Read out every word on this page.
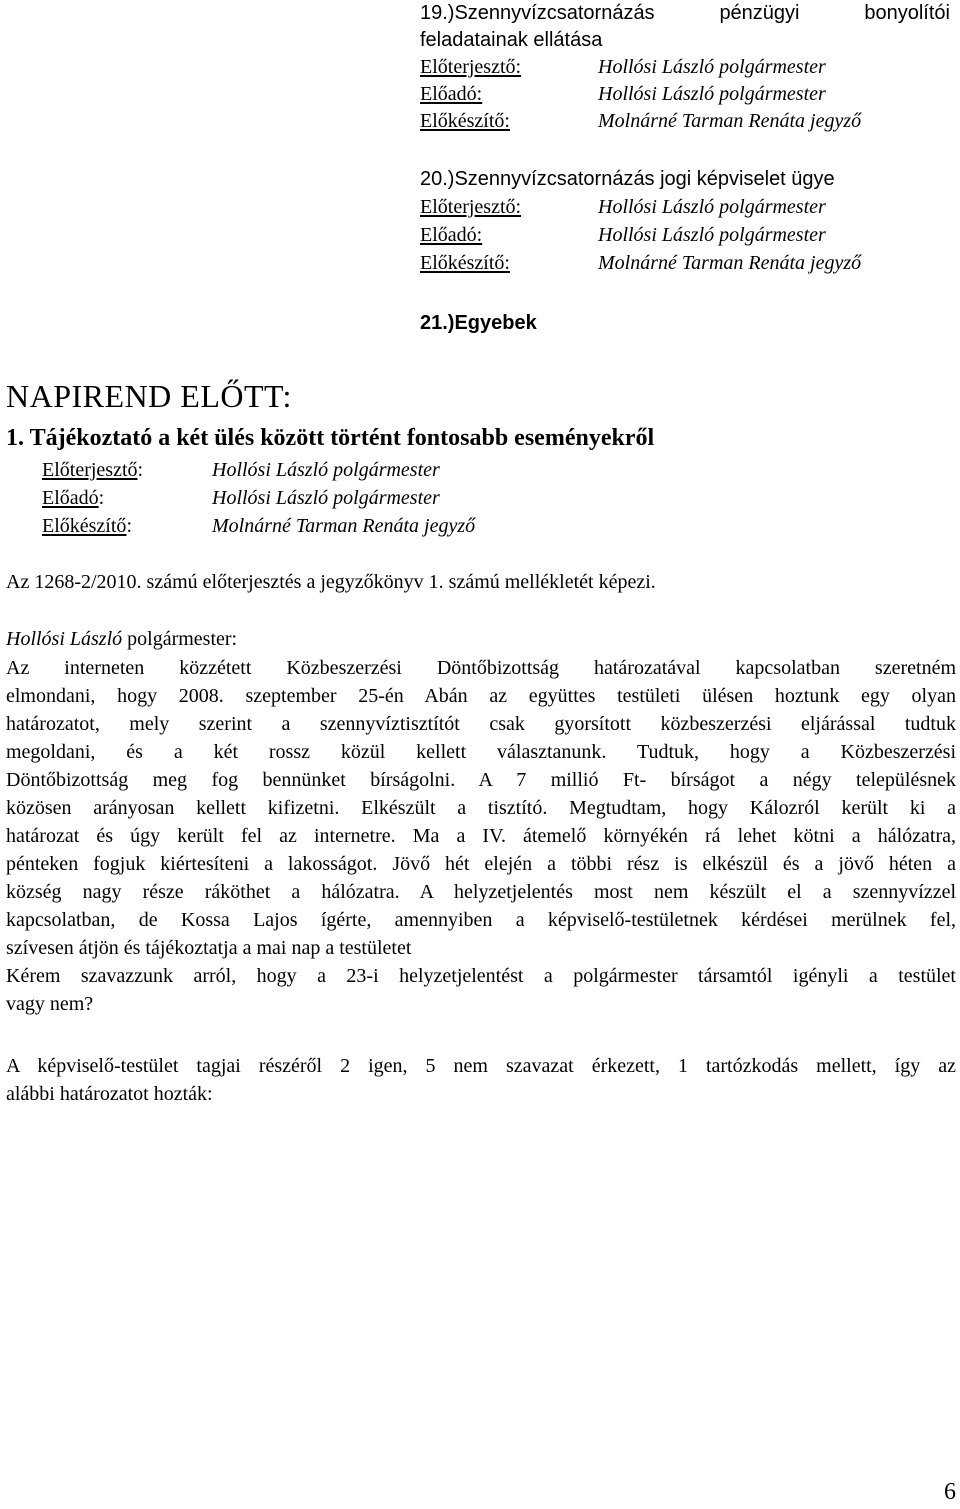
19.)Szennyvízcsatornázás pénzügyi bonyolítói
feladatainak ellátása
Előterjesztő:	Hollósi László polgármester
Előadó:	Hollósi László polgármester
Előkészítő:	Molnárné Tarman Renáta jegyző
20.)Szennyvízcsatornázás jogi képviselet ügye
Előterjesztő:	Hollósi László polgármester
Előadó:	Hollósi László polgármester
Előkészítő:	Molnárné Tarman Renáta jegyző
21.)Egyebek
NAPIREND ELŐTT:
1. Tájékoztató a két ülés között történt fontosabb eseményekről
Előterjesztő:	Hollósi László polgármester
Előadó:	Hollósi László polgármester
Előkészítő:	Molnárné Tarman Renáta jegyző
Az 1268-2/2010. számú előterjesztés a jegyzőkönyv 1. számú mellékletét képezi.
Hollósi László polgármester:
Az interneten közzétett Közbeszerzési Döntőbizottság határozatával kapcsolatban szeretném
elmondani, hogy 2008. szeptember 25-én Abán az együttes testületi ülésen hoztunk egy olyan
határozatot, mely szerint a szennyvíztisztítót csak gyorsított közbeszerzési eljárással tudtuk
megoldani, és a két rossz közül kellett választanunk. Tudtuk, hogy a Közbeszerzési
Döntőbizottság meg fog bennünket bírságolni. A 7 millió Ft- bírságot a négy településnek
közösen arányosan kellett kifizetni. Elkészült a tisztító. Megtudtam, hogy Kálozról került ki a
határozat és úgy került fel az internetre. Ma a IV. átemelő környékén rá lehet kötni a hálózatra,
pénteken fogjuk kiértesíteni a lakosságot. Jövő hét elején a többi rész is elkészül és a jövő héten a
község nagy része ráköthet a hálózatra. A helyzetjelentés most nem készült el a szennyvízzel
kapcsolatban, de Kossa Lajos ígérte, amennyiben a képviselő-testületnek kérdései merülnek fel,
szívesen átjön és tájékoztatja a mai nap a testületet
Kérem szavazzunk arról, hogy a 23-i helyzetjelentést a polgármester társamtól igényli a testület
vagy nem?
A képviselő-testület tagjai részéről 2 igen, 5 nem szavazat érkezett, 1 tartózkodás mellett, így az
alábbi határozatot hozták:
6
